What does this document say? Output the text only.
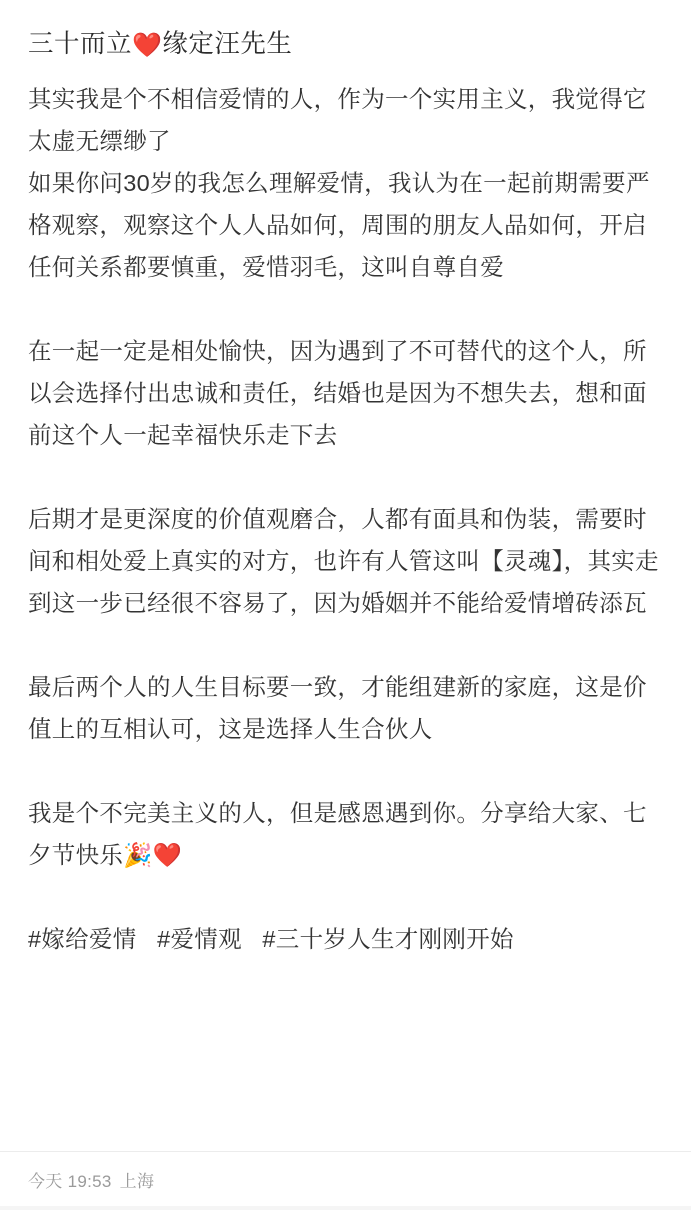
三十而立❤️缘定汪先生

其实我是个不相信爱情的人，作为一个实用主义，我觉得它太虚无缥缈了

如果你问30岁的我怎么理解爱情，我认为在一起前期需要严格观察，观察这个人人品如何，周围的朋友人品如何，开启任何关系都要慎重，爱惜羽毛，这叫自尊自爱

在一起一定是相处愉快，因为遇到了不可替代的这个人，所以会选择付出忠诚和责任，结婚也是因为不想失去，想和面前这个人一起幸福快乐走下去

后期才是更深度的价值观磨合，人都有面具和伪装，需要时间和相处爱上真实的对方，也许有人管这叫【灵魂】，其实走到这一步已经很不容易了，因为婚姻并不能给爱情增砖添瓦

最后两个人的人生目标要一致，才能组建新的家庭，这是价值上的互相认可，这是选择人生合伙人

我是个不完美主义的人，但是感恩遇到你。分享给大家、七夕节快乐🎉❤️

#嫁给爱情 #爱情观 #三十岁人生才刚刚开始
今天 19:53 上海
